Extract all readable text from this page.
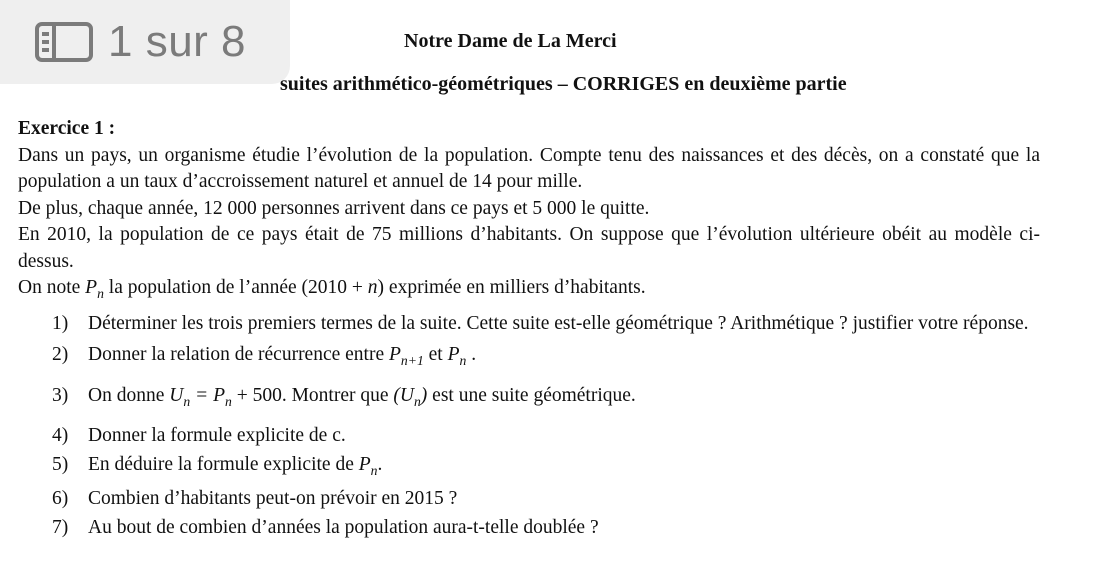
1 sur 8	Notre Dame de La Merci
suites arithmético-géométriques – CORRIGES en deuxième partie
Exercice 1 :
Dans un pays, un organisme étudie l’évolution de la population. Compte tenu des naissances et des décès, on a constaté que la population a un taux d’accroissement naturel et annuel de 14 pour mille.
De plus, chaque année, 12 000 personnes arrivent dans ce pays et 5 000 le quitte.
En 2010, la population de ce pays était de 75 millions d’habitants. On suppose que l’évolution ultérieure obéit au modèle ci-dessus.
On note $P_n$ la population de l’année (2010 + n) exprimée en milliers d’habitants.
1)	Déterminer les trois premiers termes de la suite. Cette suite est-elle géométrique ? Arithmétique ? justifier votre réponse.
2)	Donner la relation de récurrence entre $P_{n+1}$ et $P_n$ .
3)	On donne $U_n = P_n + 500$. Montrer que $(U_n)$ est une suite géométrique.
4)	Donner la formule explicite de c.
5)	En déduire la formule explicite de $P_n$.
6)	Combien d’habitants peut-on prévoir en 2015 ?
7)	Au bout de combien d’années la population aura-t-telle doublée ?
